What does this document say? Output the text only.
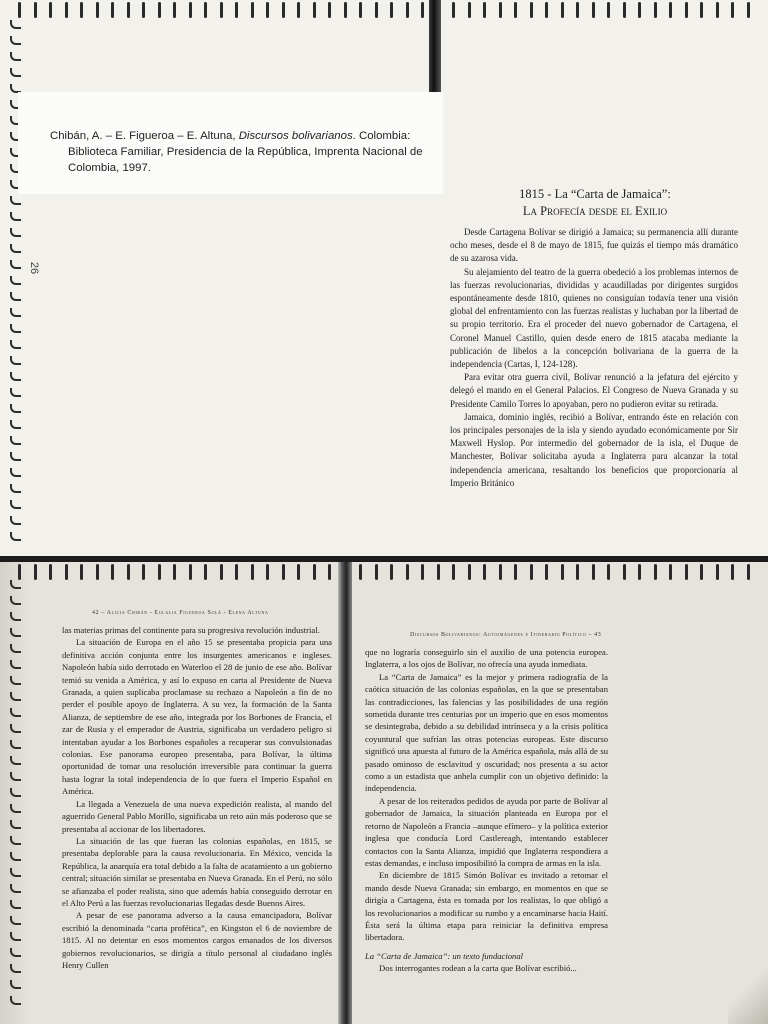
Chibán, A. – E. Figueroa – E. Altuna, Discursos bolivarianos. Colombia: Biblioteca Familiar, Presidencia de la República, Imprenta Nacional de Colombia, 1997.
26
1815 - La “Carta de Jamaica”:
La Profecía desde el Exilio

Desde Cartagena Bolívar se dirigió a Jamaica; su permanencia allí durante ocho meses, desde el 8 de mayo de 1815, fue quizás el tiempo más dramático de su azarosa vida.

Su alejamiento del teatro de la guerra obedeció a los problemas internos de las fuerzas revolucionarias, divididas y acaudilladas por dirigentes surgidos espontáneamente desde 1810, quienes no consiguían todavía tener una visión global del enfrentamiento con las fuerzas realistas y luchaban por la libertad de su propio territorio. Era el proceder del nuevo gobernador de Cartagena, el Coronel Manuel Castillo, quien desde enero de 1815 atacaba mediante la publicación de libelos a la concepción bolivariana de la guerra de la independencia (Cartas, I, 124-128).

Para evitar otra guerra civil, Bolívar renunció a la jefatura del ejército y delegó el mando en el General Palacios. El Congreso de Nueva Granada y su Presidente Camilo Torres lo apoyaban, pero no pudieron evitar su retirada.

Jamaica, dominio inglés, recibió a Bolívar, entrando éste en relación con los principales personajes de la isla y siendo ayudado económicamente por Sir Maxwell Hyslop. Por intermedio del gobernador de la isla, el Duque de Manchester, Bolívar solicitaba ayuda a Inglaterra para alcanzar la total independencia americana, resaltando los beneficios que proporcionaría al Imperio Británico

42 – Alicia Chibán - Eulalia Figueroa Solá - Elena Altuna

las materias primas del continente para su progresiva revolución industrial.

La situación de Europa en el año 15 se presentaba propicia para una definitiva acción conjunta entre los insurgentes americanos e ingleses. Napoleón había sido derrotado en Waterloo el 28 de junio de ese año. Bolívar temió su venida a América, y así lo expuso en carta al Presidente de Nueva Granada, a quien suplicaba proclamase su rechazo a Napoleón a fin de no perder el posible apoyo de Inglaterra. A su vez, la formación de la Santa Alianza, de septiembre de ese año, integrada por los Borbones de Francia, el zar de Rusia y el emperador de Austria, significaba un verdadero peligro si intentaban ayudar a los Borbones españoles a recuperar sus convulsionadas colonias. Ese panorama europeo presentaba, para Bolívar, la última oportunidad de tomar una resolución irreversible para continuar la guerra hasta lograr la total independencia de lo que fuera el Imperio Español en América.

La llegada a Venezuela de una nueva expedición realista, al mando del aguerrido General Pablo Morillo, significaba un reto aún más poderoso que se presentaba al accionar de los libertadores.

La situación de las que fueran las colonias españolas, en 1815, se presentaba deplorable para la causa revolucionaria. En México, vencida la República, la anarquía era total debido a la falta de acatamiento a un gobierno central; situación similar se presentaba en Nueva Granada. En el Perú, no sólo se afianzaba el poder realista, sino que además había conseguido derrotar en el Alto Perú a las fuerzas revolucionarias llegadas desde Buenos Aires.

A pesar de ese panorama adverso a la causa emancipadora, Bolívar escribió la denominada “carta profética”, en Kingston el 6 de noviembre de 1815. Al no detentar en esos momentos cargos emanados de los diversos gobiernos revolucionarios, se dirigía a título personal al ciudadano inglés Henry Cullen

Discursos Bolivarianos: Autoimágenes e Itinerario Político – 43

que no lograría conseguirlo sin el auxilio de una potencia europea. Inglaterra, a los ojos de Bolívar, no ofrecía una ayuda inmediata.

La “Carta de Jamaica” es la mejor y primera radiografía de la caótica situación de las colonias españolas, en la que se presentaban las contradicciones, las falencias y las posibilidades de una región sometida durante tres centurias por un imperio que en esos momentos se desintegraba, debido a su debilidad intrínseca y a la crisis política coyuntural que sufrían las otras potencias europeas. Este discurso significó una apuesta al futuro de la América española, más allá de su pasado ominoso de esclavitud y oscuridad; nos presenta a su actor como a un estadista que anhela cumplir con un objetivo definido: la independencia.

A pesar de los reiterados pedidos de ayuda por parte de Bolívar al gobernador de Jamaica, la situación planteada en Europa por el retorno de Napoleón a Francia –aunque efímero– y la política exterior inglesa que conducía Lord Castlereagh, intentando establecer contactos con la Santa Alianza, impidió que Inglaterra respondiera a estas demandas, e incluso imposibilitó la compra de armas en la isla.

En diciembre de 1815 Simón Bolívar es invitado a retomar el mando desde Nueva Granada; sin embargo, en momentos en que se dirigía a Cartagena, ésta es tomada por los realistas, lo que obligó a los revolucionarios a modificar su rumbo y a encaminarse hacia Haití. Ésta será la última etapa para reiniciar la definitiva empresa libertadora.

La “Carta de Jamaica”: un texto fundacional

Dos interrogantes rodean a la carta que Bolívar escribió...
